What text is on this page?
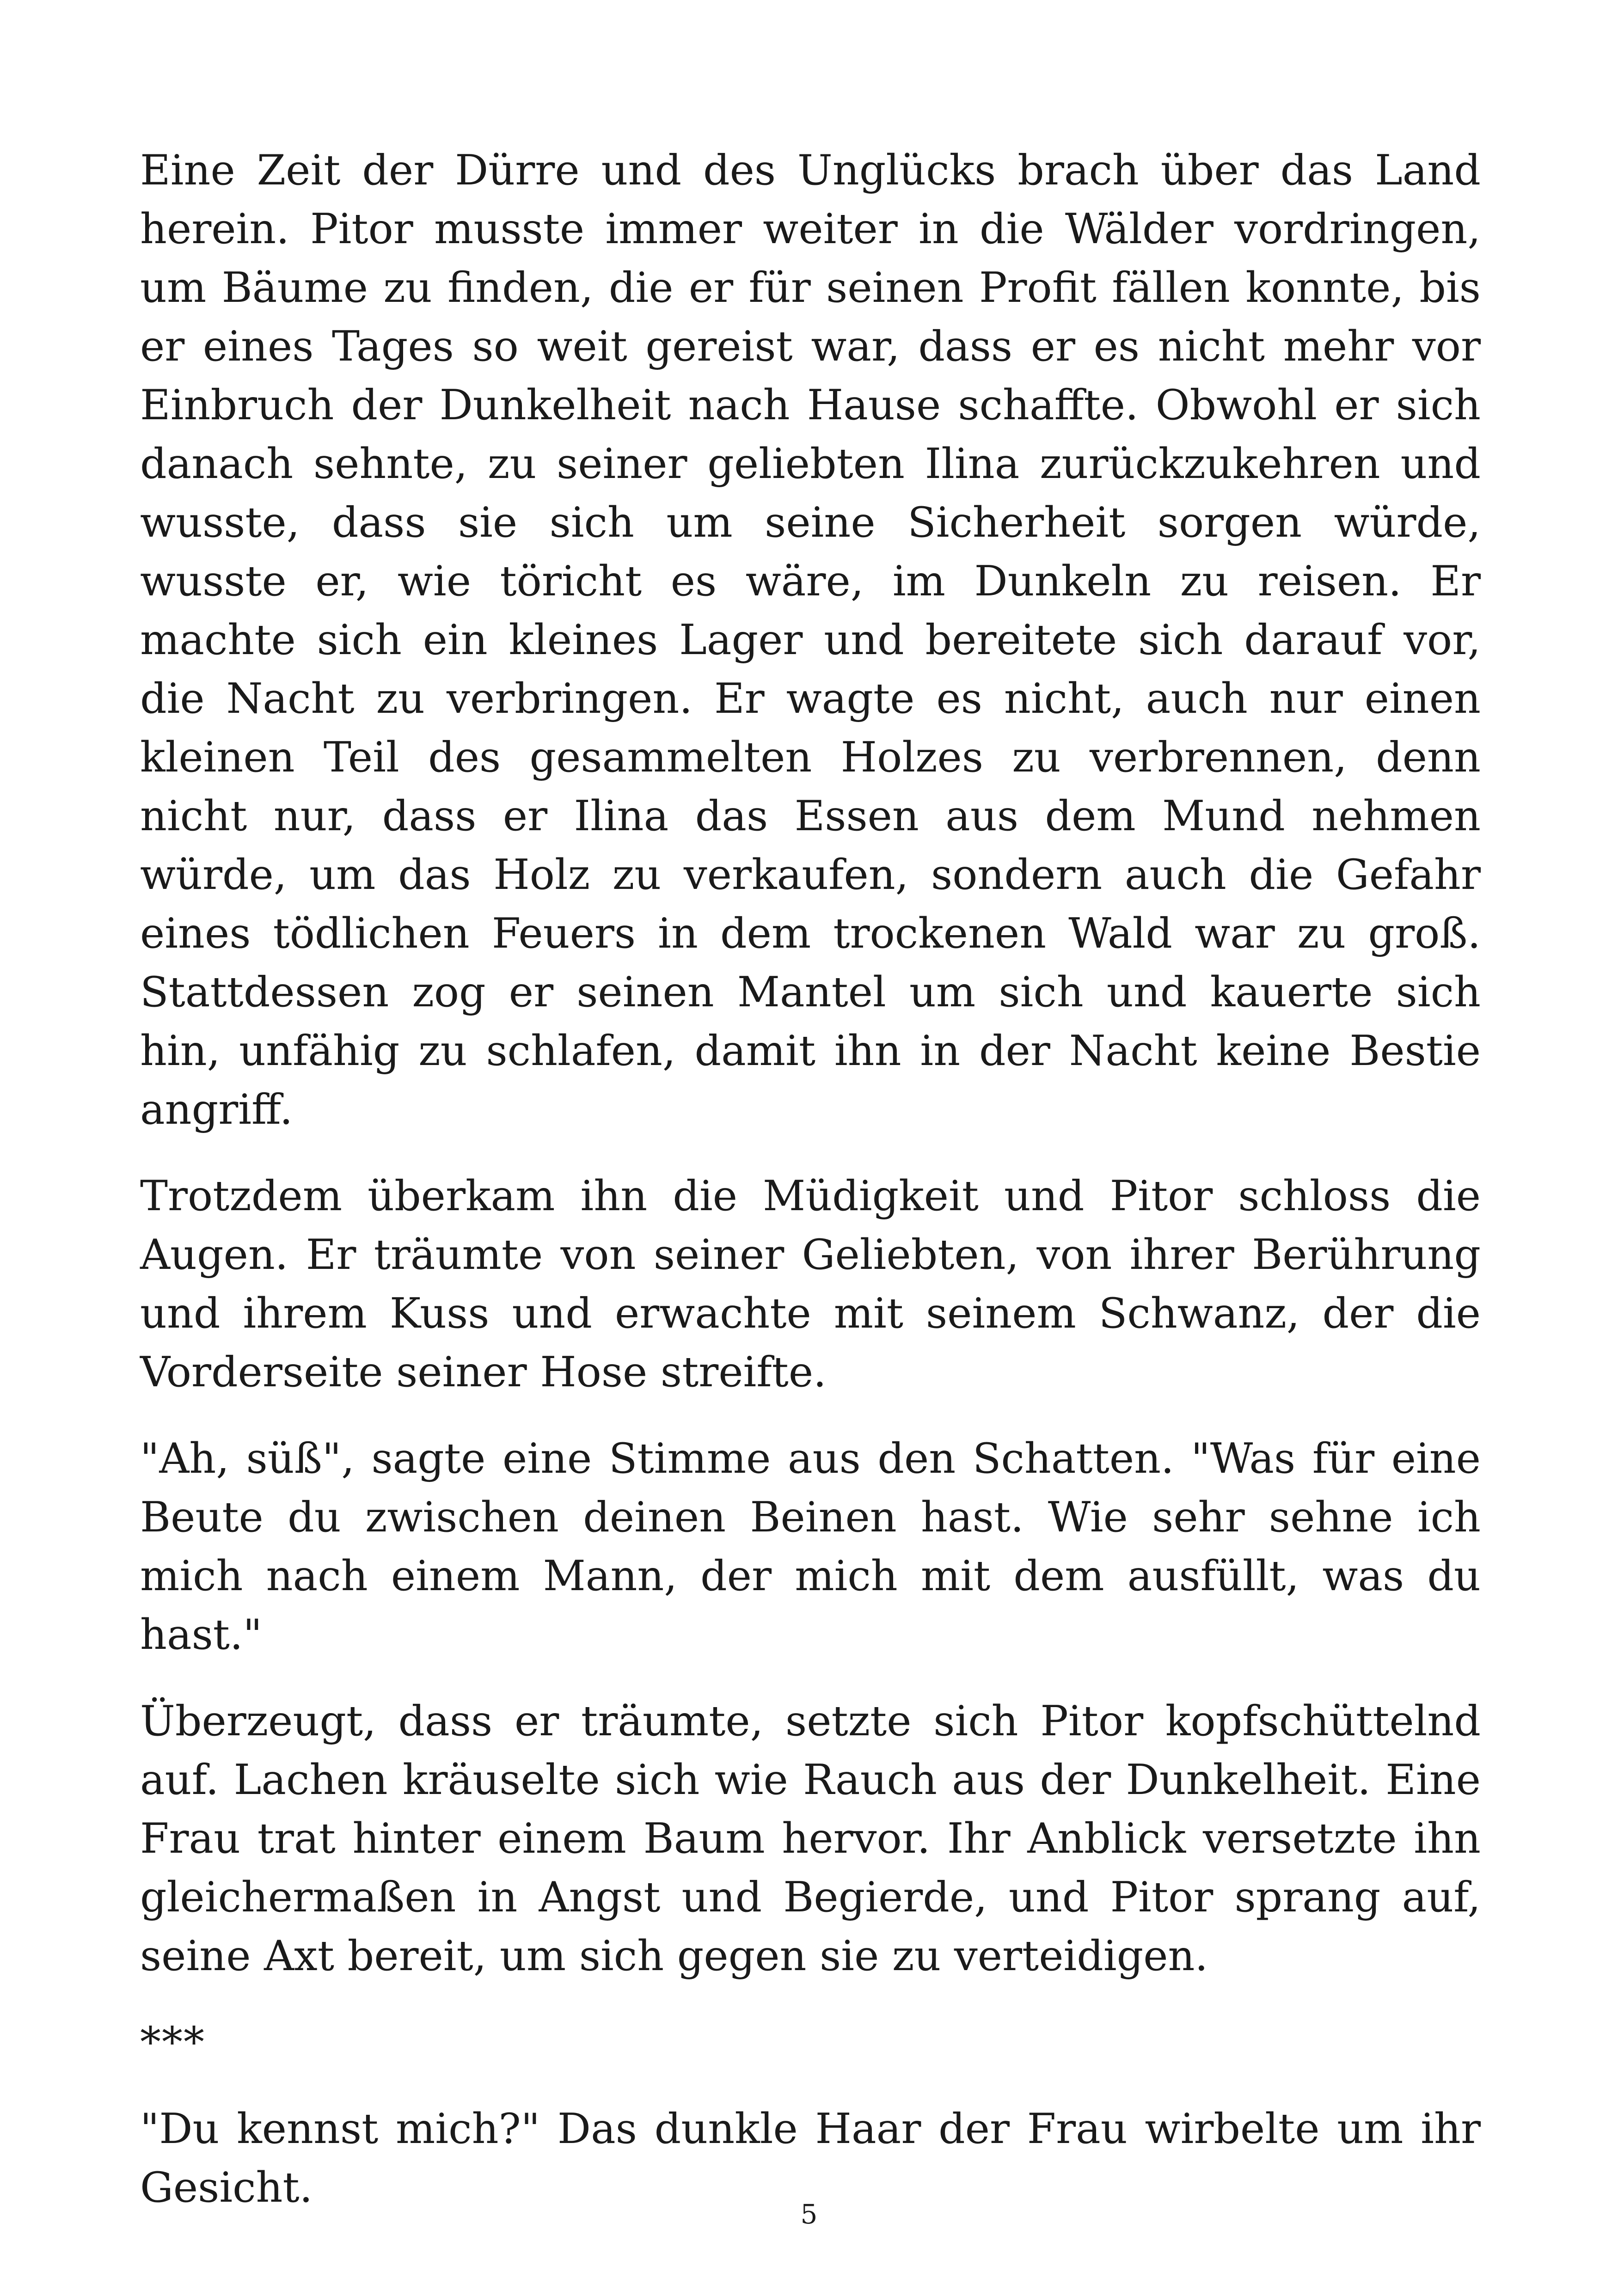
Eine Zeit der Dürre und des Unglücks brach über das Land herein. Pitor musste immer weiter in die Wälder vordringen, um Bäume zu finden, die er für seinen Profit fällen konnte, bis er eines Tages so weit gereist war, dass er es nicht mehr vor Einbruch der Dunkelheit nach Hause schaffte. Obwohl er sich danach sehnte, zu seiner geliebten Ilina zurückzukehren und wusste, dass sie sich um seine Sicherheit sorgen würde, wusste er, wie töricht es wäre, im Dunkeln zu reisen. Er machte sich ein kleines Lager und bereitete sich darauf vor, die Nacht zu verbringen. Er wagte es nicht, auch nur einen kleinen Teil des gesammelten Holzes zu verbrennen, denn nicht nur, dass er Ilina das Essen aus dem Mund nehmen würde, um das Holz zu verkaufen, sondern auch die Gefahr eines tödlichen Feuers in dem trockenen Wald war zu groß. Stattdessen zog er seinen Mantel um sich und kauerte sich hin, unfähig zu schlafen, damit ihn in der Nacht keine Bestie angriff.

Trotzdem überkam ihn die Müdigkeit und Pitor schloss die Augen. Er träumte von seiner Geliebten, von ihrer Berührung und ihrem Kuss und erwachte mit seinem Schwanz, der die Vorderseite seiner Hose streifte.

"Ah, süß", sagte eine Stimme aus den Schatten. "Was für eine Beute du zwischen deinen Beinen hast. Wie sehr sehne ich mich nach einem Mann, der mich mit dem ausfüllt, was du hast."

Überzeugt, dass er träumte, setzte sich Pitor kopfschüttelnd auf. Lachen kräuselte sich wie Rauch aus der Dunkelheit. Eine Frau trat hinter einem Baum hervor. Ihr Anblick versetzte ihn gleichermaßen in Angst und Begierde, und Pitor sprang auf, seine Axt bereit, um sich gegen sie zu verteidigen.

***

"Du kennst mich?" Das dunkle Haar der Frau wirbelte um ihr Gesicht.

5
